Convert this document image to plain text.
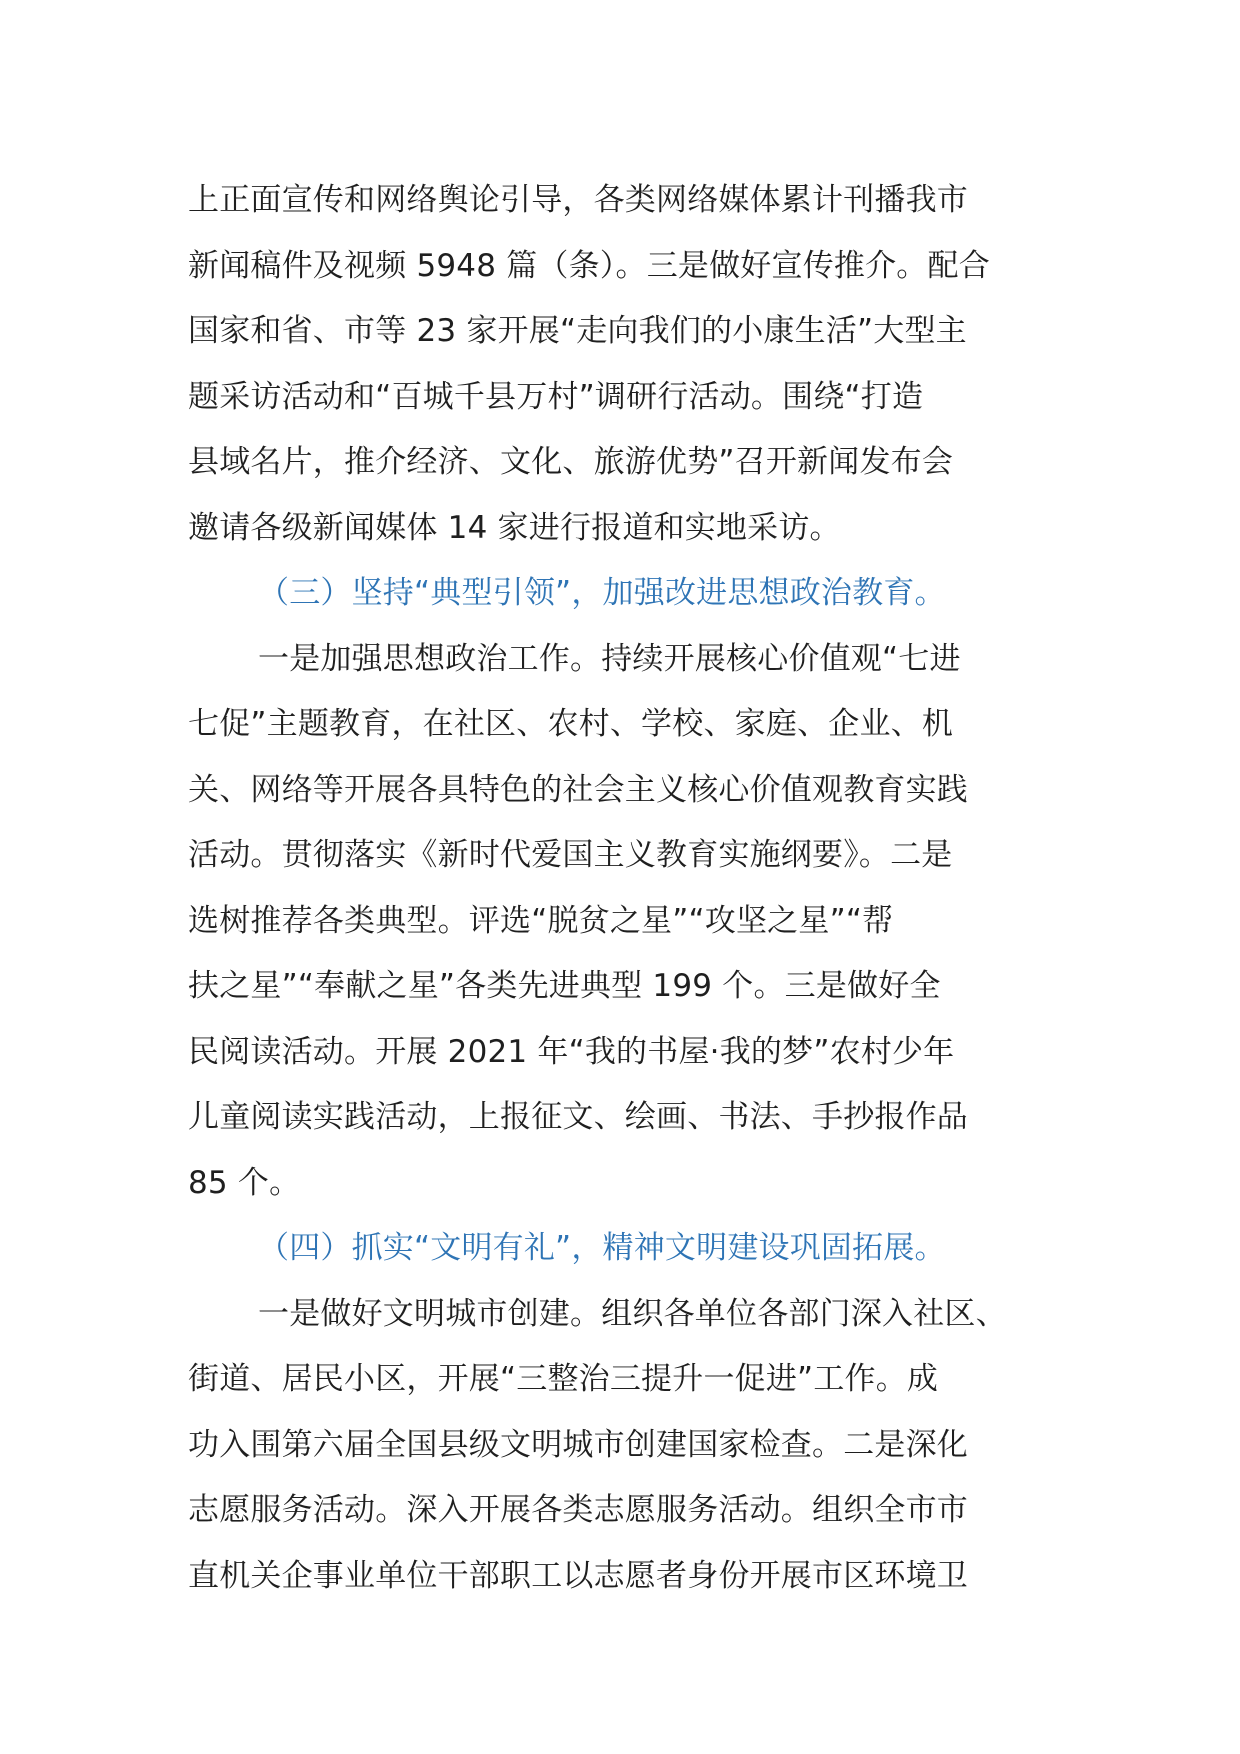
上正面宣传和网络舆论引导，各类网络媒体累计刊播我市
新闻稿件及视频 5948 篇（条）。三是做好宣传推介。配合
国家和省、市等 23 家开展“走向我们的小康生活”大型主
题采访活动和“百城千县万村”调研行活动。围绕“打造
县域名片，推介经济、文化、旅游优势”召开新闻发布会
邀请各级新闻媒体 14 家进行报道和实地采访。
（三）坚持“典型引领”，加强改进思想政治教育。
一是加强思想政治工作。持续开展核心价值观“七进
七促”主题教育，在社区、农村、学校、家庭、企业、机
关、网络等开展各具特色的社会主义核心价值观教育实践
活动。贯彻落实《新时代爱国主义教育实施纲要》。二是
选树推荐各类典型。评选“脱贫之星”“攻坚之星”“帮
扶之星”“奉献之星”各类先进典型 199 个。三是做好全
民阅读活动。开展 2021 年“我的书屋·我的梦”农村少年
儿童阅读实践活动，上报征文、绘画、书法、手抄报作品
85 个。
（四）抓实“文明有礼”，精神文明建设巩固拓展。
一是做好文明城市创建。组织各单位各部门深入社区、
街道、居民小区，开展“三整治三提升一促进”工作。成
功入围第六届全国县级文明城市创建国家检查。二是深化
志愿服务活动。深入开展各类志愿服务活动。组织全市市
直机关企事业单位干部职工以志愿者身份开展市区环境卫
